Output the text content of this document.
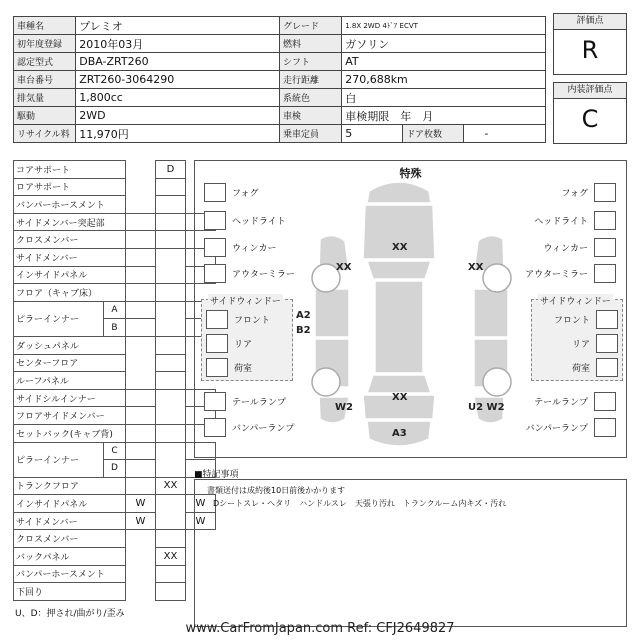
車種名	プレミオ	グレード	1.8X 2WD 4ﾄﾞｱ ECVT		
初年度登録	2010年03月	燃料	ガソリン		
認定型式	DBA-ZRT260	シフト	AT		
車台番号	ZRT260-3064290	走行距離	270,688km		
排気量	1,800cc	系統色	白		
駆動	2WD	車検	車検期限　年　月		
リサイクル料	11,970円	乗車定員	5	ドア枚数	-
評価点
R
内装評価点
C
コアサポート			D	
ロアサポート				
バンパーホースメント				
サイドメンバー突起部				
クロスメンバー				
サイドメンバー				
インサイドパネル				
フロア（キャブ床）				
ピラーインナー	A			
	B			
ダッシュパネル				
センターフロア				
ルーフパネル				
サイドシルインナー				
フロアサイドメンバー				
セットバック(キャブ背)				
ピラーインナー	C			
	D			
トランクフロア			XX	
インサイドパネル		W		W
サイドメンバー		W		W
クロスメンバー				
バックパネル			XX	
バンパーホースメント				
下回り				
U、D：押され/曲がり/歪み
特殊
フォグ
ヘッドライト
ウィンカー
アウターミラー
サイドウィンドー
フロント
リア
荷室
テールランプ
バンパーランプ
フォグ
ヘッドライト
ウィンカー
アウターミラー
サイドウィンドー
フロント
リア
荷室
テールランプ
バンパーランプ
XX
XX	XX
A2
B2
XX
W2	U2 W2
A3
■特記事項
書類送付は成約後10日前後かかります
Dシートスレ・ヘタリ　ハンドルスレ　天張り汚れ　トランクルーム内キズ・汚れ
www.CarFromJapan.com Ref: CFJ2649827
